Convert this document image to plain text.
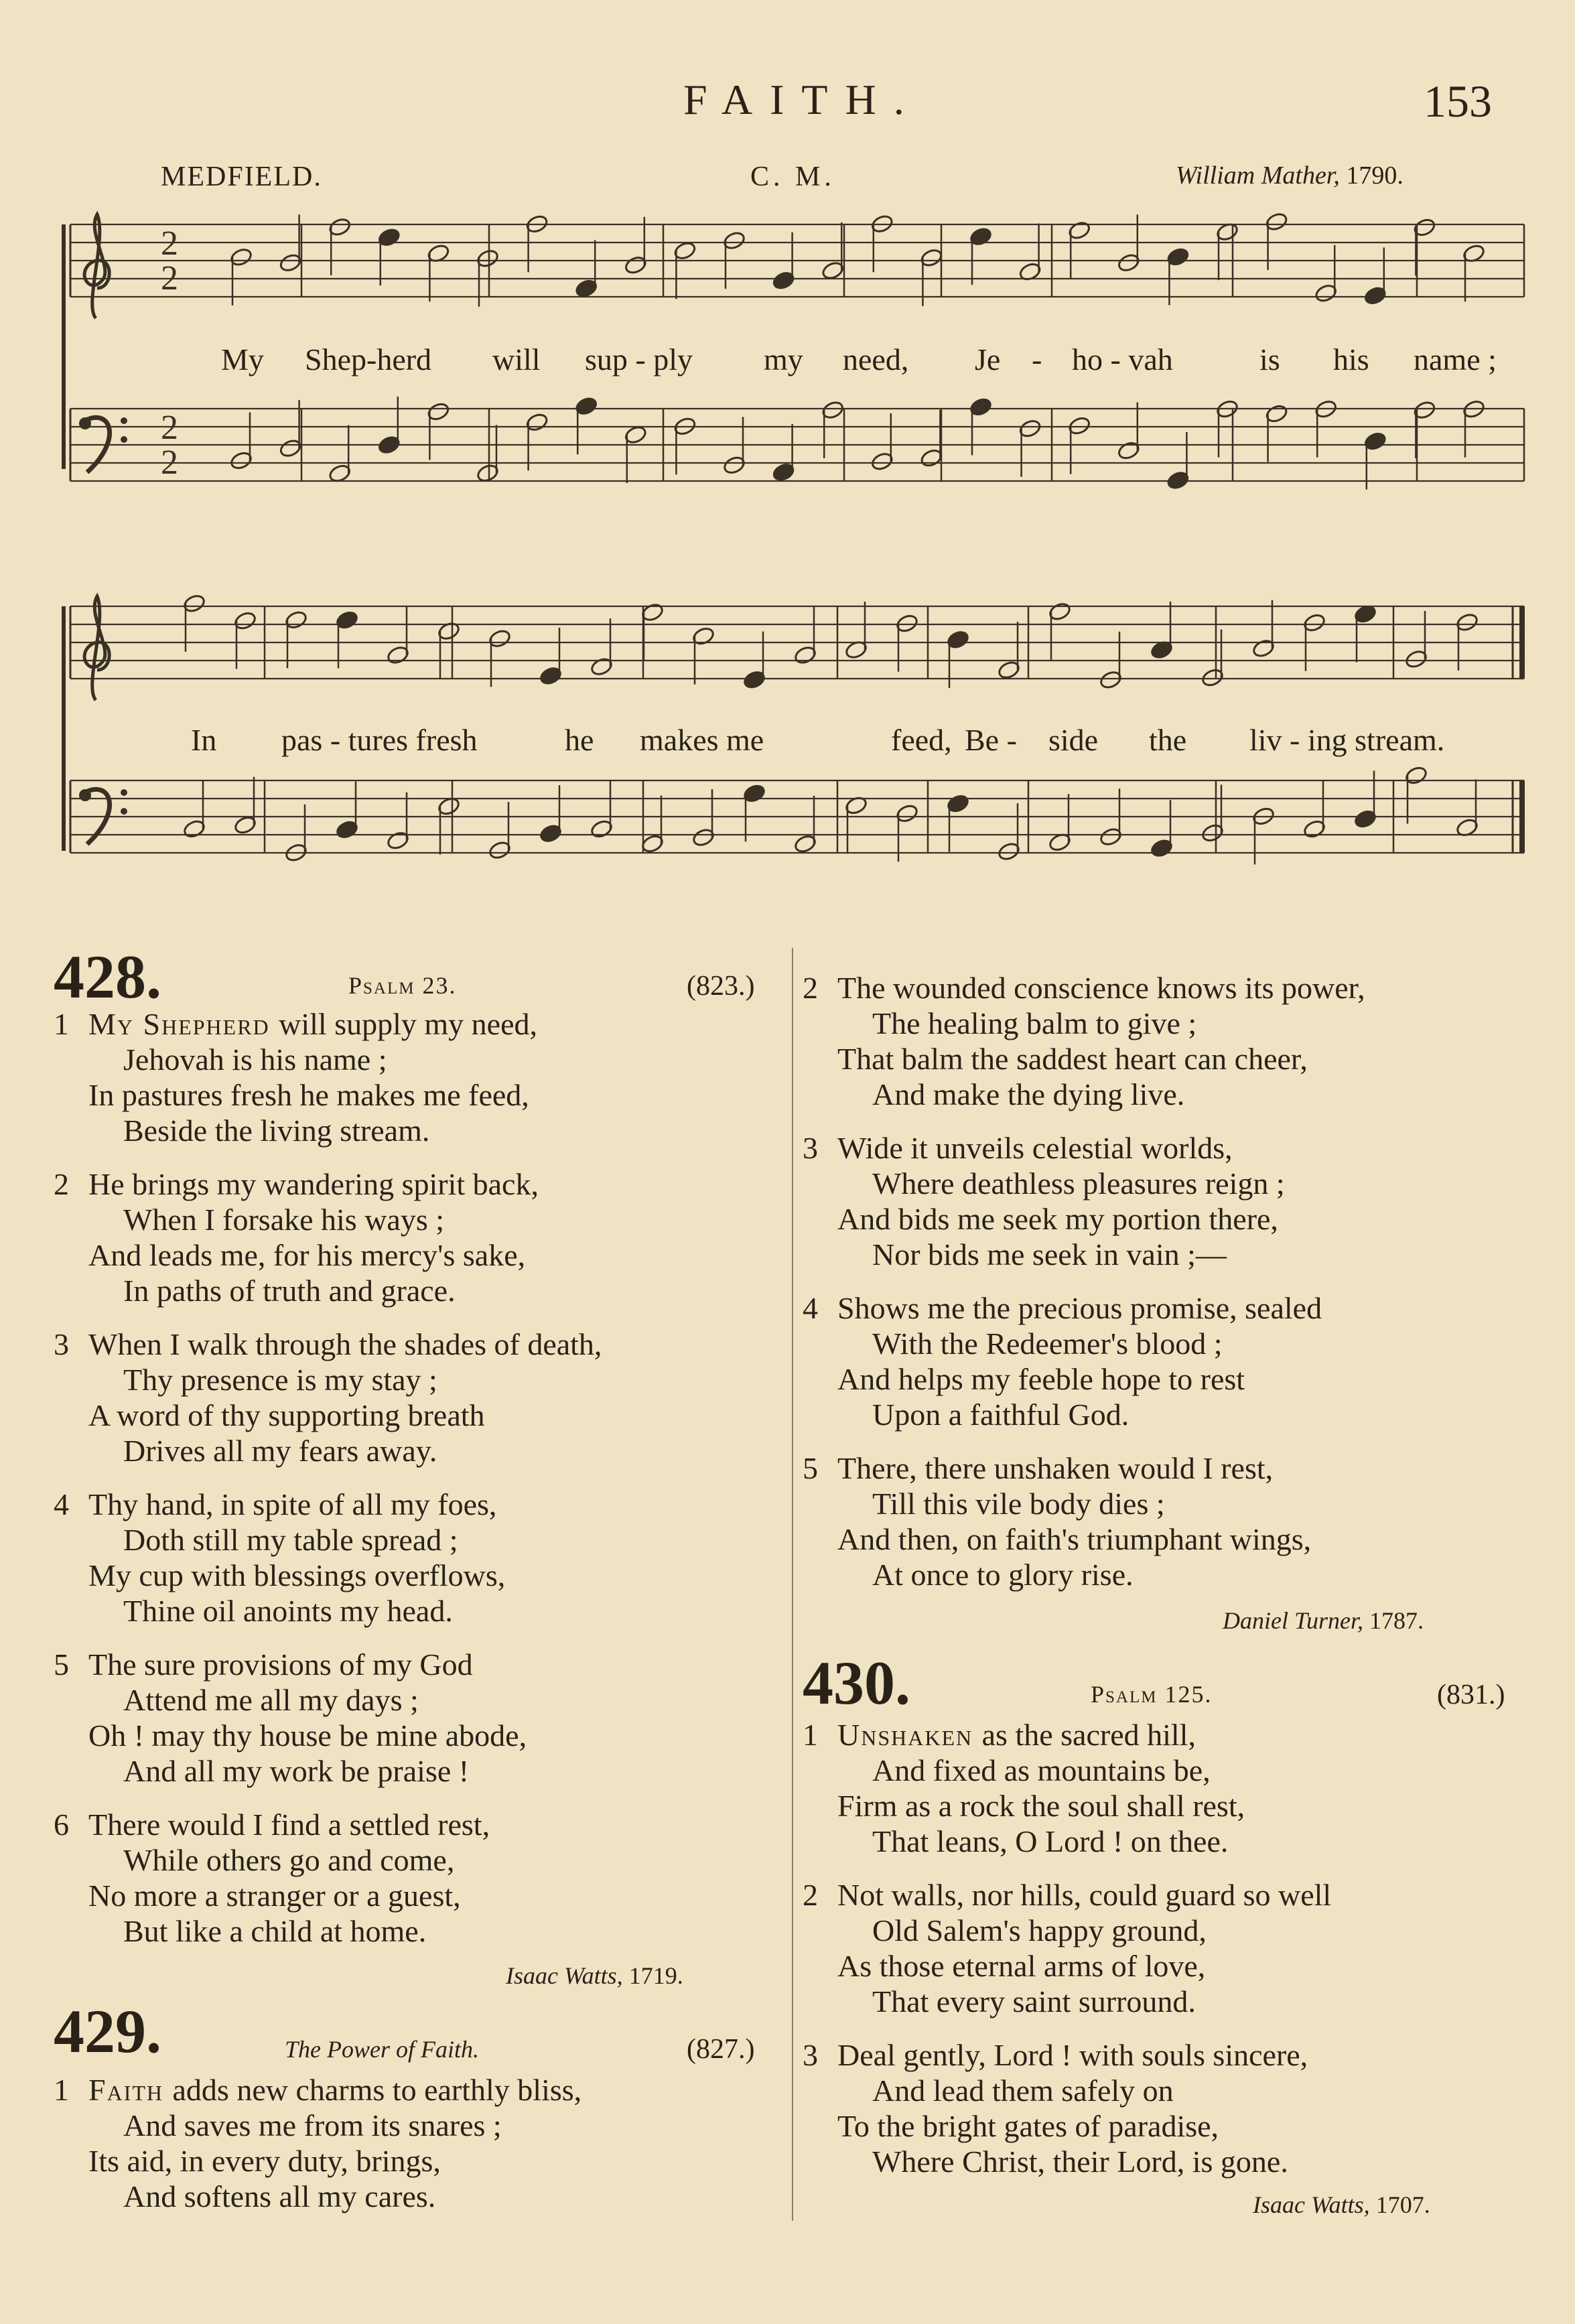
FAITH.	153
MEDFIELD.	C. M.	William Mather, 1790.
2
2
2
2
My Shep-herd will sup - ply my need, Je - ho - vah	is his name ;
In pas - tures fresh	he makes me	feed, Be - side the liv - ing stream.
428.	Psalm 23.	(823.)
1 My Shepherd will supply my need,
Jehovah is his name ;
In pastures fresh he makes me feed,
Beside the living stream.
2 He brings my wandering spirit back,
When I forsake his ways ;
And leads me, for his mercy's sake,
In paths of truth and grace.
3 When I walk through the shades of death,
Thy presence is my stay ;
A word of thy supporting breath
Drives all my fears away.
4 Thy hand, in spite of all my foes,
Doth still my table spread ;
My cup with blessings overflows,
Thine oil anoints my head.
5 The sure provisions of my God
Attend me all my days ;
Oh ! may thy house be mine abode,
And all my work be praise !
6 There would I find a settled rest,
While others go and come,
No more a stranger or a guest,
But like a child at home.
Isaac Watts, 1719.
429.	The Power of Faith.	(827.)
1 Faith adds new charms to earthly bliss,
And saves me from its snares ;
Its aid, in every duty, brings,
And softens all my cares.
2 The wounded conscience knows its power,
The healing balm to give ;
That balm the saddest heart can cheer,
And make the dying live.
3 Wide it unveils celestial worlds,
Where deathless pleasures reign ;
And bids me seek my portion there,
Nor bids me seek in vain ;—
4 Shows me the precious promise, sealed
With the Redeemer's blood ;
And helps my feeble hope to rest
Upon a faithful God.
5 There, there unshaken would I rest,
Till this vile body dies ;
And then, on faith's triumphant wings,
At once to glory rise.
Daniel Turner, 1787.
430.	Psalm 125.	(831.)
1 Unshaken as the sacred hill,
And fixed as mountains be,
Firm as a rock the soul shall rest,
That leans, O Lord ! on thee.
2 Not walls, nor hills, could guard so well
Old Salem's happy ground,
As those eternal arms of love,
That every saint surround.
3 Deal gently, Lord ! with souls sincere,
And lead them safely on
To the bright gates of paradise,
Where Christ, their Lord, is gone.
Isaac Watts, 1707.
